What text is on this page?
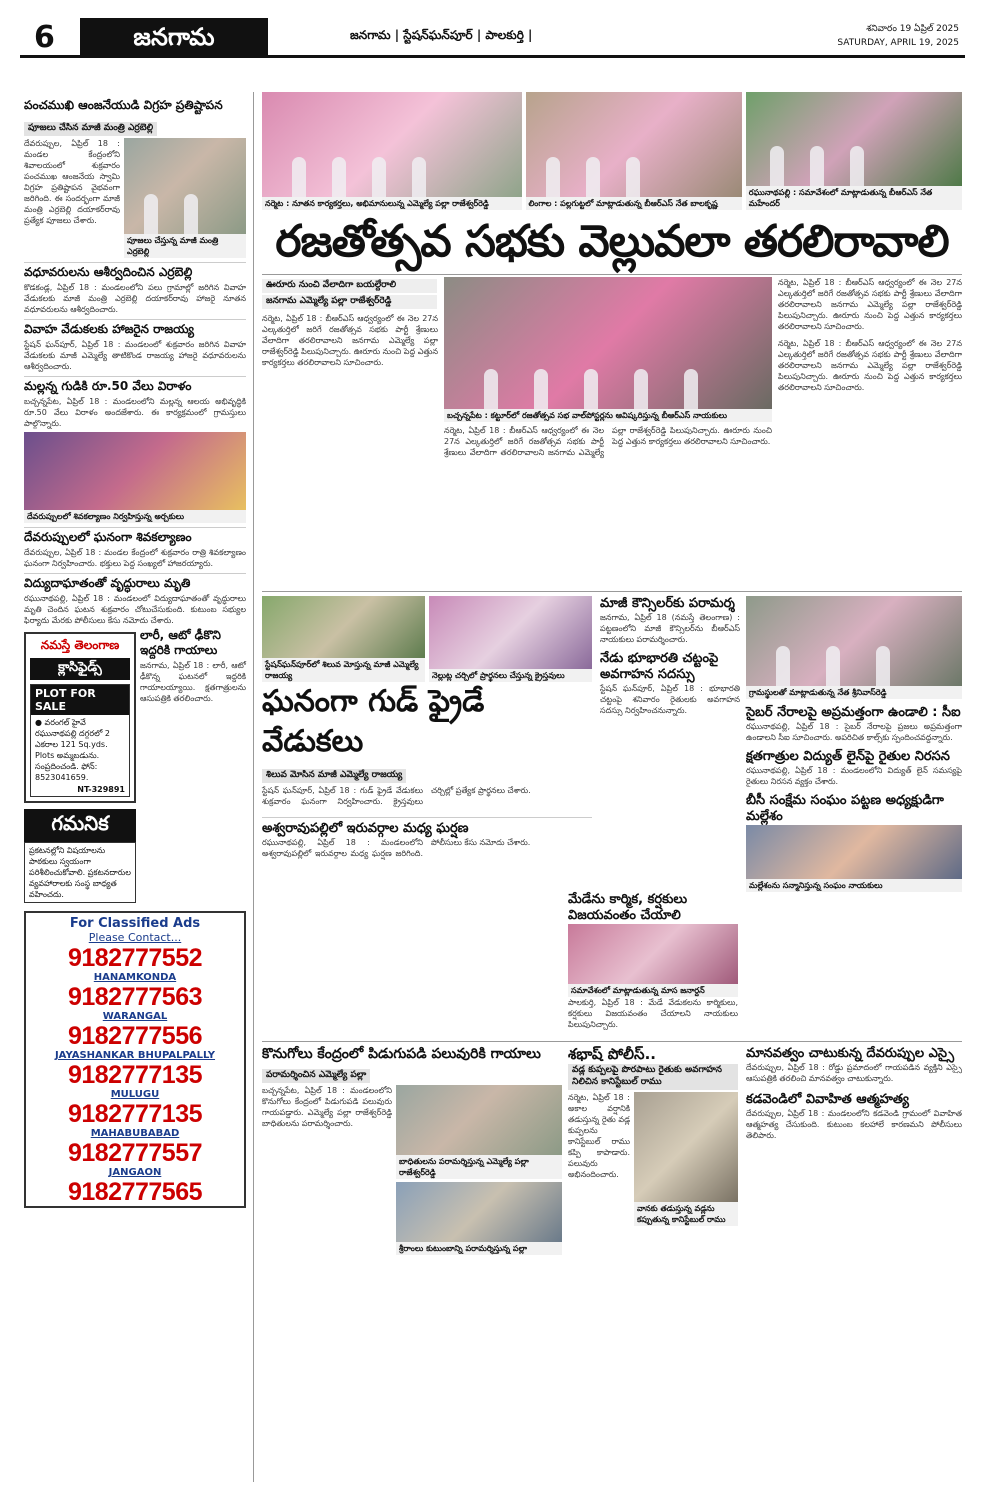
6	జనగామ	జనగామ | స్టేషన్‌ఘన్‌పూర్ | పాలకుర్తి |	శనివారం 19 ఏప్రిల్ 2025
SATURDAY, APRIL 19, 2025
పంచముఖి ఆంజనేయుడి విగ్రహ ప్రతిష్టాపన
పూజలు చేసిన మాజీ మంత్రి ఎర్రబెల్లి
దేవరుప్పుల, ఏప్రిల్ 18 : మండల కేంద్రంలోని శివాలయంలో శుక్రవారం పంచముఖ ఆంజనేయ స్వామి విగ్రహ ప్రతిష్టాపన వైభవంగా జరిగింది. ఈ సందర్భంగా మాజీ మంత్రి ఎర్రబెల్లి దయాకర్‌రావు ప్రత్యేక పూజలు చేశారు.
పూజలు చేస్తున్న మాజీ మంత్రి ఎర్రబెల్లి
వధూవరులను ఆశీర్వదించిన ఎర్రబెల్లి
కొడకండ్ల, ఏప్రిల్ 18 : మండలంలోని పలు గ్రామాల్లో జరిగిన వివాహ వేడుకలకు మాజీ మంత్రి ఎర్రబెల్లి దయాకర్‌రావు హాజరై నూతన వధూవరులను ఆశీర్వదించారు.
వివాహ వేడుకలకు హాజరైన రాజయ్య
స్టేషన్ ఘన్‌పూర్, ఏప్రిల్ 18 : మండలంలో శుక్రవారం జరిగిన వివాహ వేడుకలకు మాజీ ఎమ్మెల్యే తాటికొండ రాజయ్య హాజరై వధూవరులను ఆశీర్వదించారు.
మల్లన్న గుడికి రూ.50 వేలు విరాళం
బచ్చన్నపేట, ఏప్రిల్ 18 : మండలంలోని మల్లన్న ఆలయ అభివృద్ధికి రూ.50 వేలు విరాళం అందజేశారు. ఈ కార్యక్రమంలో గ్రామస్తులు పాల్గొన్నారు.
దేవరుప్పులలో శివకల్యాణం నిర్వహిస్తున్న అర్చకులు
దేవరుప్పులలో ఘనంగా శివకల్యాణం
దేవరుప్పుల, ఏప్రిల్ 18 : మండల కేంద్రంలో శుక్రవారం రాత్రి శివకల్యాణం ఘనంగా నిర్వహించారు. భక్తులు పెద్ద సంఖ్యలో హాజరయ్యారు.
విద్యుదాఘాతంతో వృద్ధురాలు మృతి
రఘునాథపల్లి, ఏప్రిల్ 18 : మండలంలో విద్యుదాఘాతంతో వృద్ధురాలు మృతి చెందిన ఘటన శుక్రవారం చోటుచేసుకుంది. కుటుంబ సభ్యుల ఫిర్యాదు మేరకు పోలీసులు కేసు నమోదు చేశారు.
నమస్తే తెలంగాణ
క్లాసిఫైడ్స్
PLOT FOR SALE
● వరంగల్ హైవే రఘునాథపల్లి దగ్గరలో 2 ఎకరాల 121 Sq.yds. Plots అమ్మబడును. సంప్రదించండి. ఫోన్: 8523041659.
NT-329891
గమనిక
ప్రకటనల్లోని విషయాలను పాఠకులు స్వయంగా పరిశీలించుకోవాలి. ప్రకటనదారుల వ్యవహారాలకు సంస్థ బాధ్యత వహించదు.
లారీ, ఆటో ఢీకొని ఇద్దరికి గాయాలు
జనగామ, ఏప్రిల్ 18 : లారీ, ఆటో ఢీకొన్న ఘటనలో ఇద్దరికి గాయాలయ్యాయి. క్షతగాత్రులను ఆసుపత్రికి తరలించారు.
For Classified Ads
Please Contact...
9182777552
HANAMKONDA
9182777563
WARANGAL
9182777556
JAYASHANKAR BHUPALPALLY
9182777135
MULUGU
9182777135
MAHABUBABAD
9182777557
JANGAON
9182777565
నర్మెట : నూతన కార్యకర్తలు, అభిమానులున్న ఎమ్మెల్యే పల్లా రాజేశ్వర్‌రెడ్డి	లింగాల : పల్లగుట్టలో మాట్లాడుతున్న బీఆర్‌ఎస్ నేత బాలకృష్ణ
రఘునాథపల్లి : సమావేశంలో మాట్లాడుతున్న బీఆర్‌ఎస్ నేత మహేందర్
రజతోత్సవ సభకు వెల్లువలా తరలిరావాలి
ఊరూరు నుంచి వేలాదిగా బయల్దేరాలి
జనగామ ఎమ్మెల్యే పల్లా రాజేశ్వర్‌రెడ్డి
నర్మెట, ఏప్రిల్ 18 : బీఆర్‌ఎస్ ఆధ్వర్యంలో ఈ నెల 27న ఎల్కతుర్తిలో జరిగే రజతోత్సవ సభకు పార్టీ శ్రేణులు వేలాదిగా తరలిరావాలని జనగామ ఎమ్మెల్యే పల్లా రాజేశ్వర్‌రెడ్డి పిలుపునిచ్చారు. ఊరూరు నుంచి పెద్ద ఎత్తున కార్యకర్తలు తరలిరావాలని సూచించారు.
బచ్చన్నపేట : కట్టూర్‌లో రజతోత్సవ సభ వాల్‌పోస్టర్లను ఆవిష్కరిస్తున్న బీఆర్‌ఎస్ నాయకులు
నర్మెట, ఏప్రిల్ 18 : బీఆర్‌ఎస్ ఆధ్వర్యంలో ఈ నెల 27న ఎల్కతుర్తిలో జరిగే రజతోత్సవ సభకు పార్టీ శ్రేణులు వేలాదిగా తరలిరావాలని జనగామ ఎమ్మెల్యే పల్లా రాజేశ్వర్‌రెడ్డి పిలుపునిచ్చారు. ఊరూరు నుంచి పెద్ద ఎత్తున కార్యకర్తలు తరలిరావాలని సూచించారు.
నర్మెట, ఏప్రిల్ 18 : బీఆర్‌ఎస్ ఆధ్వర్యంలో ఈ నెల 27న ఎల్కతుర్తిలో జరిగే రజతోత్సవ సభకు పార్టీ శ్రేణులు వేలాదిగా తరలిరావాలని జనగామ ఎమ్మెల్యే పల్లా రాజేశ్వర్‌రెడ్డి పిలుపునిచ్చారు. ఊరూరు నుంచి పెద్ద ఎత్తున కార్యకర్తలు తరలిరావాలని సూచించారు.
నర్మెట, ఏప్రిల్ 18 : బీఆర్‌ఎస్ ఆధ్వర్యంలో ఈ నెల 27న ఎల్కతుర్తిలో జరిగే రజతోత్సవ సభకు పార్టీ శ్రేణులు వేలాదిగా తరలిరావాలని జనగామ ఎమ్మెల్యే పల్లా రాజేశ్వర్‌రెడ్డి పిలుపునిచ్చారు. ఊరూరు నుంచి పెద్ద ఎత్తున కార్యకర్తలు తరలిరావాలని సూచించారు.
స్టేషన్‌ఘన్‌పూర్‌లో శిలువ మోస్తున్న మాజీ ఎమ్మెల్యే రాజయ్య	నెల్లుట్ల చర్చిలో ప్రార్థనలు చేస్తున్న క్రైస్తవులు
ఘనంగా గుడ్ ఫ్రైడే వేడుకలు
శిలువ మోసిన మాజీ ఎమ్మెల్యే రాజయ్య
స్టేషన్ ఘన్‌పూర్, ఏప్రిల్ 18 : గుడ్ ఫ్రైడే వేడుకలు శుక్రవారం ఘనంగా నిర్వహించారు. క్రైస్తవులు చర్చిల్లో ప్రత్యేక ప్రార్థనలు చేశారు.
అశ్వరావుపల్లిలో ఇరువర్గాల మధ్య ఘర్షణ
రఘునాథపల్లి, ఏప్రిల్ 18 : మండలంలోని అశ్వరావుపల్లిలో ఇరువర్గాల మధ్య ఘర్షణ జరిగింది. పోలీసులు కేసు నమోదు చేశారు.
మాజీ కౌన్సిలర్‌కు పరామర్శ
జనగామ, ఏప్రిల్ 18 (నమస్తే తెలంగాణ) : పట్టణంలోని మాజీ కౌన్సిలర్‌ను బీఆర్‌ఎస్ నాయకులు పరామర్శించారు.
నేడు భూభారతి చట్టంపై అవగాహన సదస్సు
స్టేషన్ ఘన్‌పూర్, ఏప్రిల్ 18 : భూభారతి చట్టంపై శనివారం రైతులకు అవగాహన సదస్సు నిర్వహించనున్నారు.
గ్రామస్థులతో మాట్లాడుతున్న నేత శ్రీనివాస్‌రెడ్డి
సైబర్ నేరాలపై అప్రమత్తంగా ఉండాలి : సీఐ
రఘునాథపల్లి, ఏప్రిల్ 18 : సైబర్ నేరాలపై ప్రజలు అప్రమత్తంగా ఉండాలని సీఐ సూచించారు. అపరిచిత కాల్స్‌కు స్పందించవద్దన్నారు.
క్షతగాత్రుల విద్యుత్ లైన్‌పై రైతుల నిరసన
రఘునాథపల్లి, ఏప్రిల్ 18 : మండలంలోని విద్యుత్ లైన్ సమస్యపై రైతులు నిరసన వ్యక్తం చేశారు.
బీసీ సంక్షేమ సంఘం పట్టణ అధ్యక్షుడిగా మల్లేశం
మల్లేశంను సన్మానిస్తున్న సంఘం నాయకులు
కొనుగోలు కేంద్రంలో పిడుగుపడి పలువురికి గాయాలు
పరామర్శించిన ఎమ్మెల్యే పల్లా
బచ్చన్నపేట, ఏప్రిల్ 18 : మండలంలోని కొనుగోలు కేంద్రంలో పిడుగుపడి పలువురు గాయపడ్డారు. ఎమ్మెల్యే పల్లా రాజేశ్వర్‌రెడ్డి బాధితులను పరామర్శించారు.
బాధితులను పరామర్శిస్తున్న ఎమ్మెల్యే పల్లా రాజేశ్వర్‌రెడ్డి
శ్రీరాంలు కుటుంబాన్ని పరామర్శిస్తున్న పల్లా
మేడేను కార్మిక, కర్షకులు విజయవంతం చేయాలి
సమావేశంలో మాట్లాడుతున్న మాస జనార్దన్
పాలకుర్తి, ఏప్రిల్ 18 : మేడే వేడుకలను కార్మికులు, కర్షకులు విజయవంతం చేయాలని నాయకులు పిలుపునిచ్చారు.
శభాష్ పోలీస్..
వడ్ల కుప్పలపై పొరపాటు రైతుకు అవగాహన నిలిచిన కానిస్టేబుల్ రాము
నర్మెట, ఏప్రిల్ 18 : అకాల వర్షానికి తడుస్తున్న రైతు వడ్ల కుప్పలను కానిస్టేబుల్ రాము కప్పి కాపాడారు. పలువురు అభినందించారు.
వానకు తడుస్తున్న వడ్లను కప్పుతున్న కానిస్టేబుల్ రాము
మానవత్వం చాటుకున్న దేవరుప్పుల ఎస్సై
దేవరుప్పుల, ఏప్రిల్ 18 : రోడ్డు ప్రమాదంలో గాయపడిన వ్యక్తిని ఎస్సై ఆసుపత్రికి తరలించి మానవత్వం చాటుకున్నారు.
కడవెండిలో వివాహిత ఆత్మహత్య
దేవరుప్పుల, ఏప్రిల్ 18 : మండలంలోని కడవెండి గ్రామంలో వివాహిత ఆత్మహత్య చేసుకుంది. కుటుంబ కలహాలే కారణమని పోలీసులు తెలిపారు.
